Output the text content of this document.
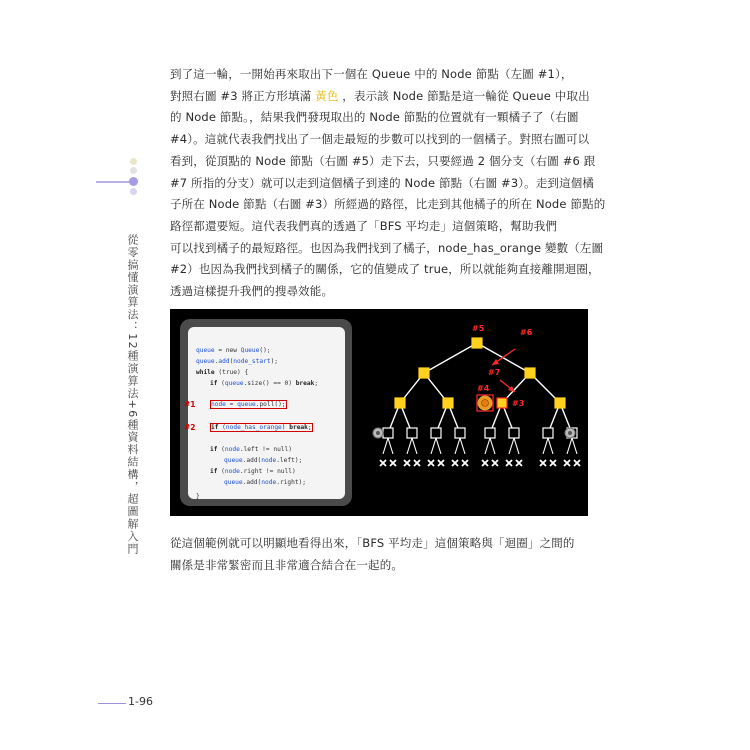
從零搞懂演算法：12種演算法+6種資料結構，超圖解入門
到了這一輪，一開始再來取出下一個在 Queue 中的 Node 節點（左圖 #1），
對照右圖 #3 將正方形填滿 黃色 ，表示該 Node 節點是這一輪從 Queue 中取出
的 Node 節點。，結果我們發現取出的 Node 節點的位置就有一顆橘子了（右圖
#4）。這就代表我們找出了一個走最短的步數可以找到的一個橘子。對照右圖可以
看到，從頂點的 Node 節點（右圖 #5）走下去，只要經過 2 個分支（右圖 #6 跟
#7 所指的分支）就可以走到這個橘子到達的 Node 節點（右圖 #3）。走到這個橘
子所在 Node 節點（右圖 #3）所經過的路徑，比走到其他橘子的所在 Node 節點的
路徑都還要短。這代表我們真的透過了「BFS 平均走」這個策略，幫助我們
可以找到橘子的最短路徑。也因為我們找到了橘子，node_has_orange 變數（左圖
#2）也因為我們找到橘子的關係，它的值變成了 true，所以就能夠直接離開迴圈，
透過這樣提升我們的搜尋效能。
queue = new Queue();
queue.add(node_start);
while (true) {
if (queue.size() == 0) break;
node = queue.poll();
#1
if (node_has_orange) break;
#2
if (node.left != null)
queue.add(node.left);
if (node.right != null)
queue.add(node.right);
}
#5	#6
#7
#4
#3
從這個範例就可以明顯地看得出來，「BFS 平均走」這個策略與「迴圈」之間的
關係是非常緊密而且非常適合結合在一起的。
1-96
